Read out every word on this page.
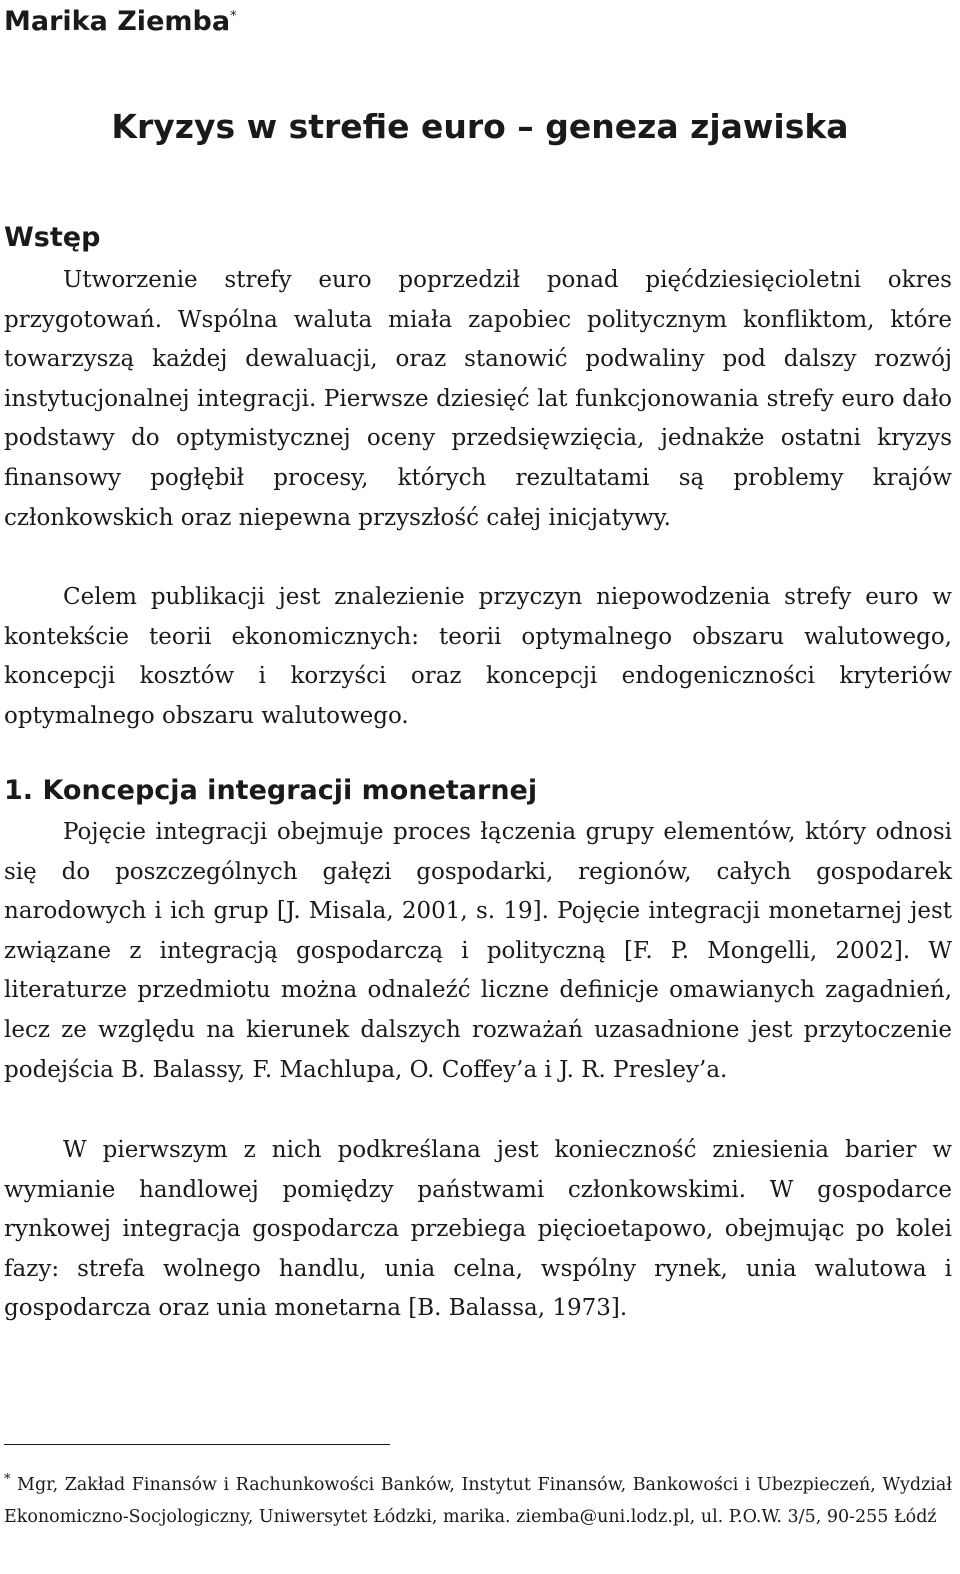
Marika Ziemba*
Kryzys w strefie euro – geneza zjawiska
Wstęp

Utworzenie strefy euro poprzedził ponad pięćdziesięcioletni okres przygotowań. Wspólna waluta miała zapobiec politycznym konfliktom, które towarzyszą każdej dewaluacji, oraz stanowić podwaliny pod dalszy rozwój instytucjonalnej integracji. Pierwsze dziesięć lat funkcjonowania strefy euro dało podstawy do optymistycznej oceny przedsięwzięcia, jednakże ostatni kryzys finansowy pogłębił procesy, których rezultatami są problemy krajów członkowskich oraz niepewna przyszłość całej inicjatywy.

Celem publikacji jest znalezienie przyczyn niepowodzenia strefy euro w kontekście teorii ekonomicznych: teorii optymalnego obszaru walutowego, koncepcji kosztów i korzyści oraz koncepcji endogeniczności kryteriów optymalnego obszaru walutowego.

1. Koncepcja integracji monetarnej

Pojęcie integracji obejmuje proces łączenia grupy elementów, który odnosi się do poszczególnych gałęzi gospodarki, regionów, całych gospodarek narodowych i ich grup [J. Misala, 2001, s. 19]. Pojęcie integracji monetarnej jest związane z integracją gospodarczą i polityczną [F. P. Mongelli, 2002]. W literaturze przedmiotu można odnaleźć liczne definicje omawianych zagadnień, lecz ze względu na kierunek dalszych rozważań uzasadnione jest przytoczenie podejścia B. Balassy, F. Machlupa, O. Coffey’a i J. R. Presley’a.

W pierwszym z nich podkreślana jest konieczność zniesienia barier w wymianie handlowej pomiędzy państwami członkowskimi. W gospodarce rynkowej integracja gospodarcza przebiega pięcioetapowo, obejmując po kolei fazy: strefa wolnego handlu, unia celna, wspólny rynek, unia walutowa i gospodarcza oraz unia monetarna [B. Balassa, 1973].

* Mgr, Zakład Finansów i Rachunkowości Banków, Instytut Finansów, Bankowości i Ubezpieczeń, Wydział Ekonomiczno-Socjologiczny, Uniwersytet Łódzki, marika. ziemba@uni.lodz.pl, ul. P.O.W. 3/5, 90-255 Łódź
